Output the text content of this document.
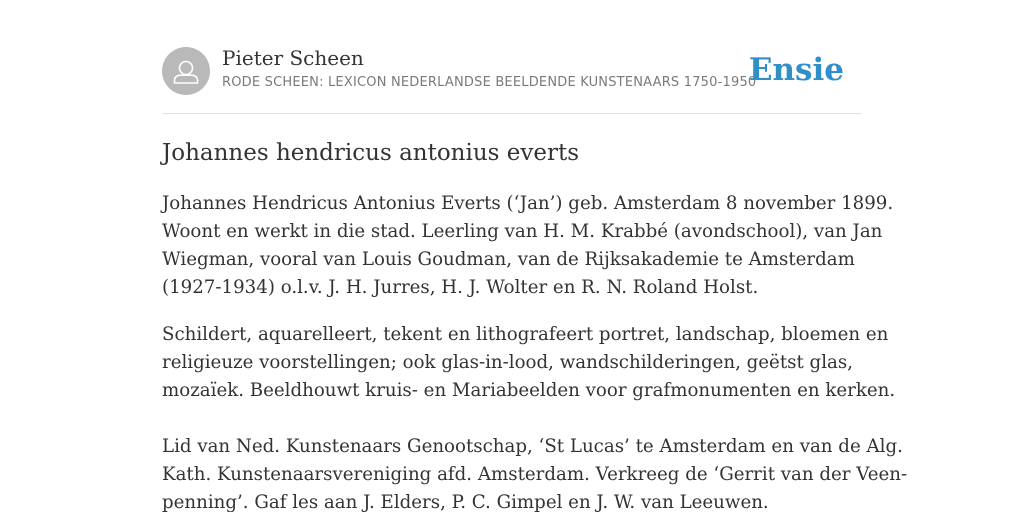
Pieter Scheen
RODE SCHEEN: LEXICON NEDERLANDSE BEELDENDE KUNSTENAARS 1750-1950
Ensie
Johannes hendricus antonius everts

Johannes Hendricus Antonius Everts (‘Jan’) geb. Amsterdam 8 november 1899.
Woont en werkt in die stad. Leerling van H. M. Krabbé (avondschool), van Jan
Wiegman, vooral van Louis Goudman, van de Rijksakademie te Amsterdam
(1927-1934) o.l.v. J. H. Jurres, H. J. Wolter en R. N. Roland Holst.

Schildert, aquarelleert, tekent en lithografeert portret, landschap, bloemen en
religieuze voorstellingen; ook glas-in-lood, wandschilderingen, geëtst glas,
mozaïek. Beeldhouwt kruis- en Mariabeelden voor grafmonumenten en kerken.

Lid van Ned. Kunstenaars Genootschap, ‘St Lucas’ te Amsterdam en van de Alg.
Kath. Kunstenaarsvereniging afd. Amsterdam. Verkreeg de ‘Gerrit van der Veen-
penning’. Gaf les aan J. Elders, P. C. Gimpel en J. W. van Leeuwen.
